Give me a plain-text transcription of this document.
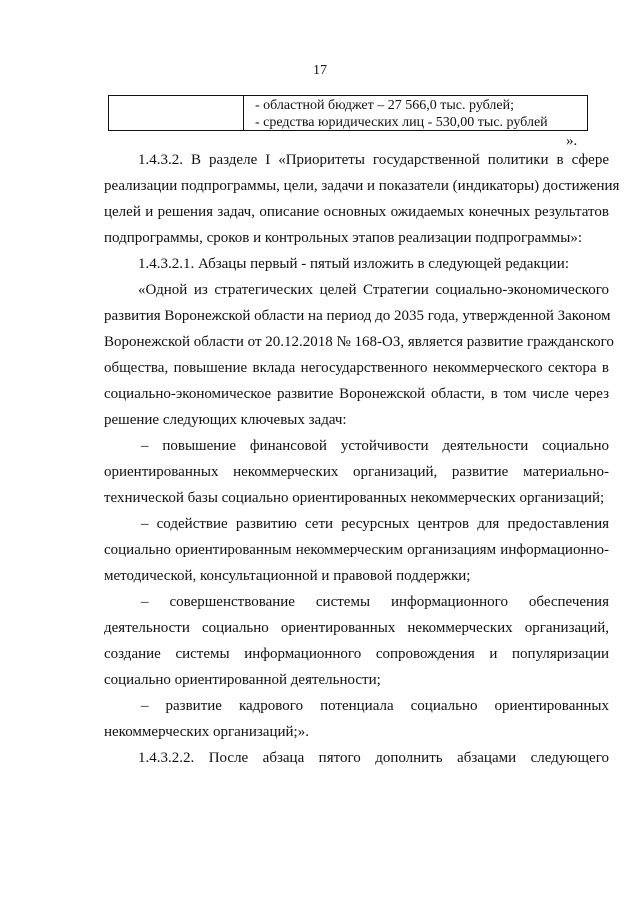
17
- областной бюджет – 27 566,0 тыс. рублей;
- средства юридических лиц - 530,00 тыс. рублей
».
1.4.3.2. В разделе I «Приоритеты государственной политики в сфере
реализации подпрограммы, цели, задачи и показатели (индикаторы) достижения
целей и решения задач, описание основных ожидаемых конечных результатов
подпрограммы, сроков и контрольных этапов реализации подпрограммы»:
1.4.3.2.1. Абзацы первый - пятый изложить в следующей редакции:
«Одной из стратегических целей Стратегии социально-экономического
развития Воронежской области на период до 2035 года, утвержденной Законом
Воронежской области от 20.12.2018 № 168-ОЗ, является развитие гражданского
общества, повышение вклада негосударственного некоммерческого сектора в
социально-экономическое развитие Воронежской области, в том числе через
решение следующих ключевых задач:
– повышение финансовой устойчивости деятельности социально
ориентированных некоммерческих организаций, развитие материально-
технической базы социально ориентированных некоммерческих организаций;
– содействие развитию сети ресурсных центров для предоставления
социально ориентированным некоммерческим организациям информационно-
методической, консультационной и правовой поддержки;
– совершенствование системы информационного обеспечения
деятельности социально ориентированных некоммерческих организаций,
создание системы информационного сопровождения и популяризации
социально ориентированной деятельности;
– развитие кадрового потенциала социально ориентированных
некоммерческих организаций;».
1.4.3.2.2. После абзаца пятого дополнить абзацами следующего
